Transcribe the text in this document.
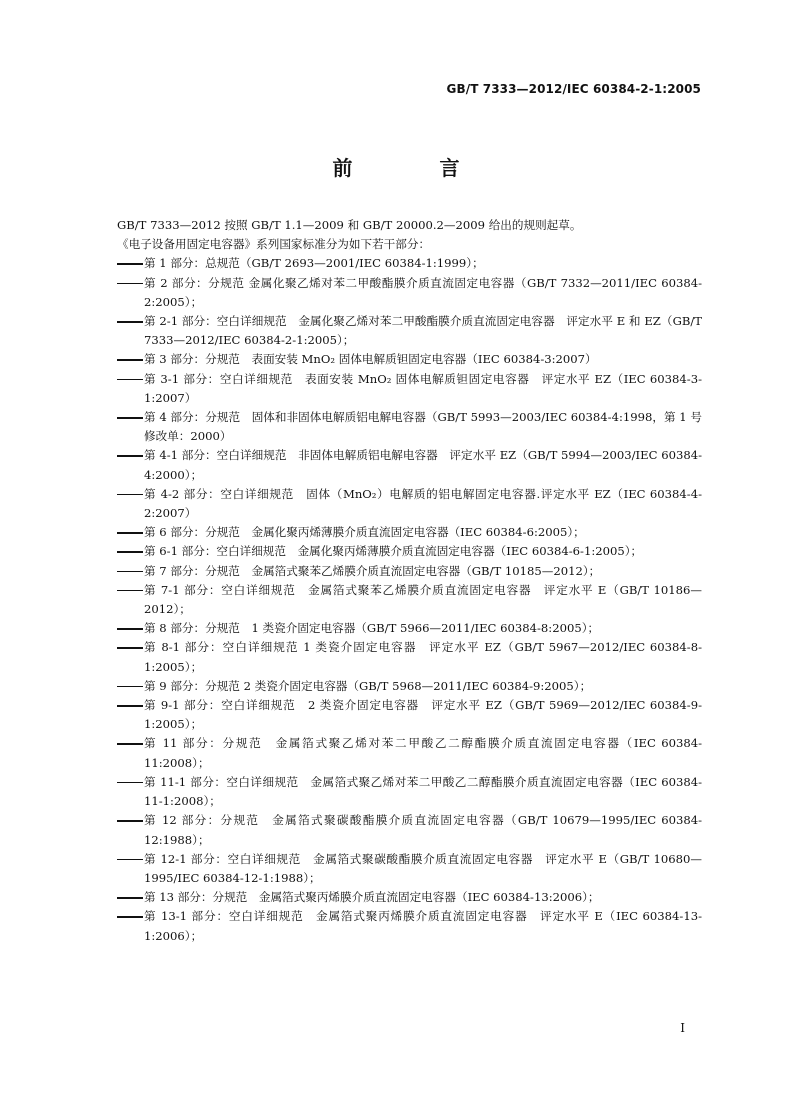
GB/T 7333—2012/IEC 60384-2-1:2005
前 言
GB/T 7333—2012 按照 GB/T 1.1—2009 和 GB/T 20000.2—2009 给出的规则起草。
《电子设备用固定电容器》系列国家标准分为如下若干部分：
第 1 部分：总规范（GB/T 2693—2001/IEC 60384-1:1999）；
第 2 部分：分规范 金属化聚乙烯对苯二甲酸酯膜介质直流固定电容器（GB/T 7332—2011/IEC 60384-2:2005）；
第 2-1 部分：空白详细规范　金属化聚乙烯对苯二甲酸酯膜介质直流固定电容器　评定水平 E 和 EZ（GB/T 7333—2012/IEC 60384-2-1:2005）；
第 3 部分：分规范　表面安装 MnO₂ 固体电解质钽固定电容器（IEC 60384-3:2007）
第 3-1 部分：空白详细规范　表面安装 MnO₂ 固体电解质钽固定电容器　评定水平 EZ（IEC 60384-3-1:2007）
第 4 部分：分规范　固体和非固体电解质铝电解电容器（GB/T 5993—2003/IEC 60384-4:1998，第 1 号修改单：2000）
第 4-1 部分：空白详细规范　非固体电解质铝电解电容器　评定水平 EZ（GB/T 5994—2003/IEC 60384-4:2000）；
第 4-2 部分：空白详细规范　固体（MnO₂）电解质的铝电解固定电容器.评定水平 EZ（IEC 60384-4-2:2007）
第 6 部分：分规范　金属化聚丙烯薄膜介质直流固定电容器（IEC 60384-6:2005）；
第 6-1 部分：空白详细规范　金属化聚丙烯薄膜介质直流固定电容器（IEC 60384-6-1:2005）；
第 7 部分：分规范　金属箔式聚苯乙烯膜介质直流固定电容器（GB/T 10185—2012）；
第 7-1 部分：空白详细规范　金属箔式聚苯乙烯膜介质直流固定电容器　评定水平 E（GB/T 10186—2012）；
第 8 部分：分规范　1 类瓷介固定电容器（GB/T 5966—2011/IEC 60384-8:2005）；
第 8-1 部分：空白详细规范 1 类瓷介固定电容器　评定水平 EZ（GB/T 5967—2012/IEC 60384-8-1:2005）；
第 9 部分：分规范 2 类瓷介固定电容器（GB/T 5968—2011/IEC 60384-9:2005）；
第 9-1 部分：空白详细规范　2 类瓷介固定电容器　评定水平 EZ（GB/T 5969—2012/IEC 60384-9-1:2005）；
第 11 部分：分规范　金属箔式聚乙烯对苯二甲酸乙二醇酯膜介质直流固定电容器（IEC 60384-11:2008）；
第 11-1 部分：空白详细规范　金属箔式聚乙烯对苯二甲酸乙二醇酯膜介质直流固定电容器（IEC 60384-11-1:2008）；
第 12 部分：分规范　金属箔式聚碳酸酯膜介质直流固定电容器（GB/T 10679—1995/IEC 60384-12:1988）；
第 12-1 部分：空白详细规范　金属箔式聚碳酸酯膜介质直流固定电容器　评定水平 E（GB/T 10680—1995/IEC 60384-12-1:1988）；
第 13 部分：分规范　金属箔式聚丙烯膜介质直流固定电容器（IEC 60384-13:2006）；
第 13-1 部分：空白详细规范　金属箔式聚丙烯膜介质直流固定电容器　评定水平 E（IEC 60384-13-1:2006）；
I
